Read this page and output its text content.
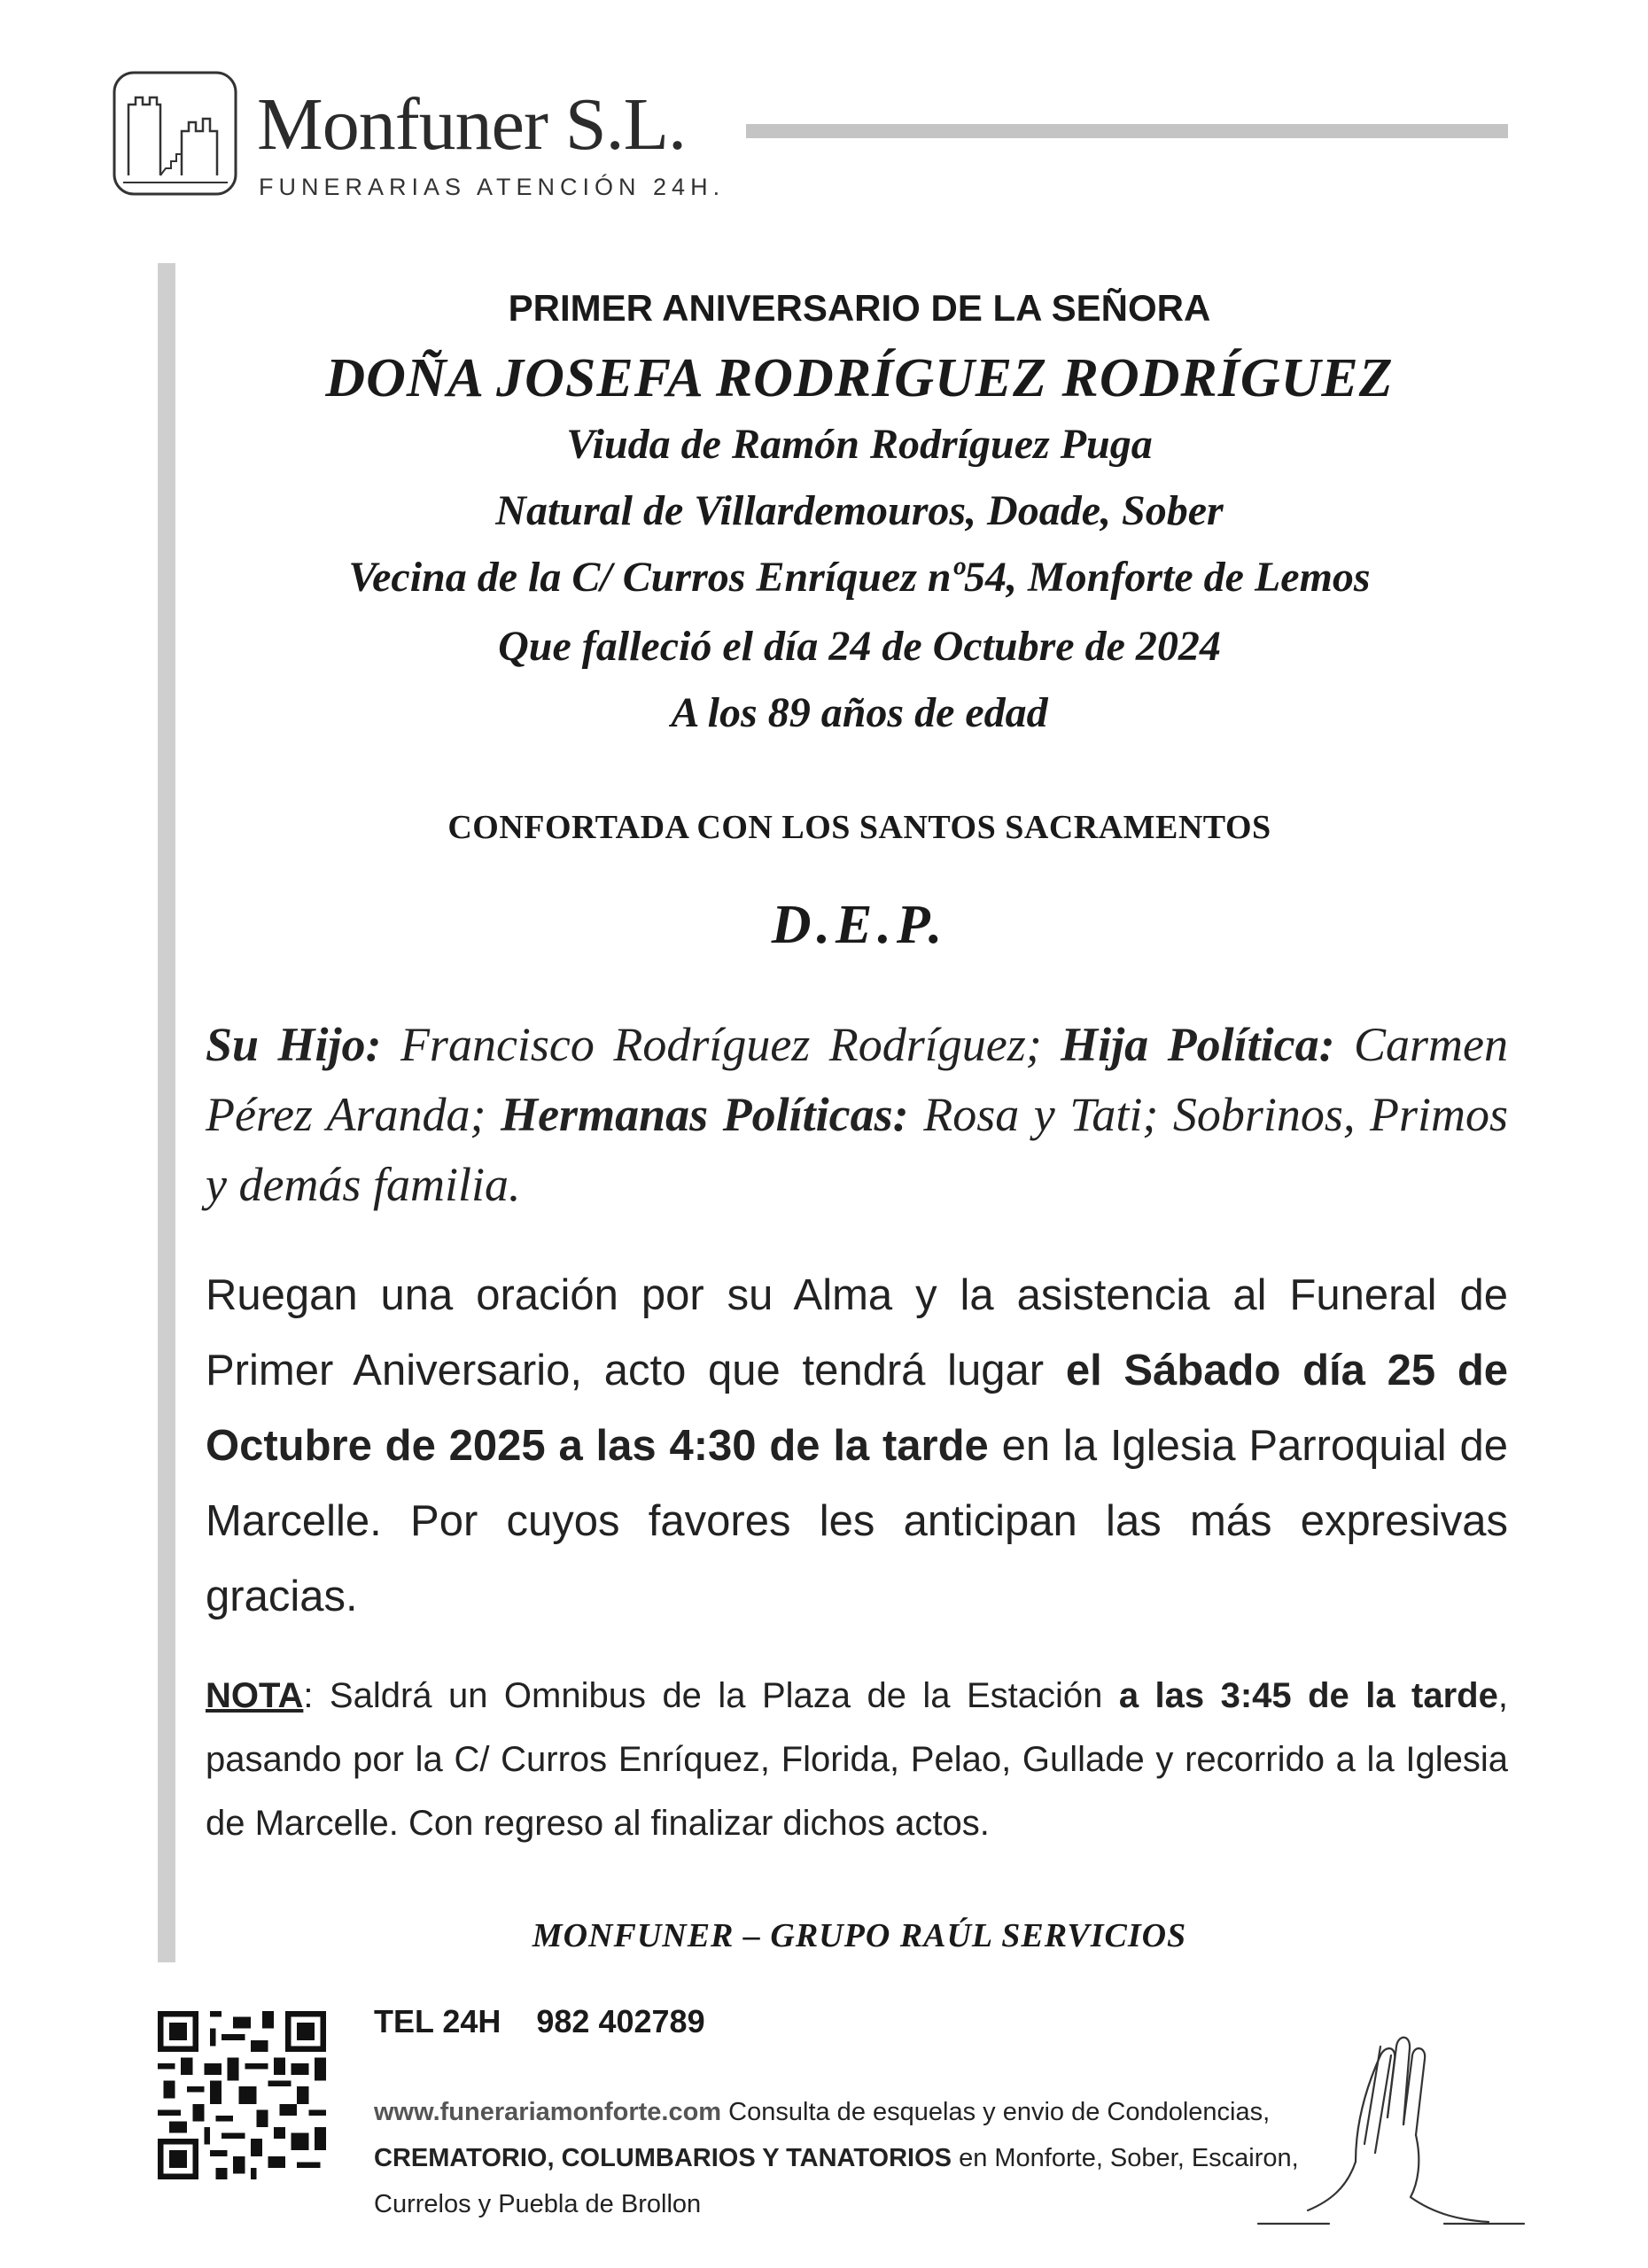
Monfuner S.L.
FUNERARIAS ATENCIÓN 24H.
PRIMER ANIVERSARIO DE LA SEÑORA
DOÑA JOSEFA RODRÍGUEZ RODRÍGUEZ
Viuda de Ramón Rodríguez Puga
Natural de Villardemouros, Doade, Sober
Vecina de la C/ Curros Enríquez nº54, Monforte de Lemos
Que falleció el día 24 de Octubre de 2024
A los 89 años de edad
CONFORTADA CON LOS SANTOS SACRAMENTOS
D.E.P.
Su Hijo: Francisco Rodríguez Rodríguez; Hija Política: Carmen Pérez Aranda; Hermanas Políticas: Rosa y Tati; Sobrinos, Primos y demás familia.
Ruegan una oración por su Alma y la asistencia al Funeral de Primer Aniversario, acto que tendrá lugar el Sábado día 25 de Octubre de 2025 a las 4:30 de la tarde en la Iglesia Parroquial de Marcelle. Por cuyos favores les anticipan las más expresivas gracias.
NOTA: Saldrá un Omnibus de la Plaza de la Estación a las 3:45 de la tarde, pasando por la C/ Curros Enríquez, Florida, Pelao, Gullade y recorrido a la Iglesia de Marcelle. Con regreso al finalizar dichos actos.
MONFUNER – GRUPO RAÚL SERVICIOS
TEL 24H 982 402789
www.funerariamonforte.com Consulta de esquelas y envio de Condolencias, CREMATORIO, COLUMBARIOS Y TANATORIOS en Monforte, Sober, Escairon, Currelos y Puebla de Brollon
